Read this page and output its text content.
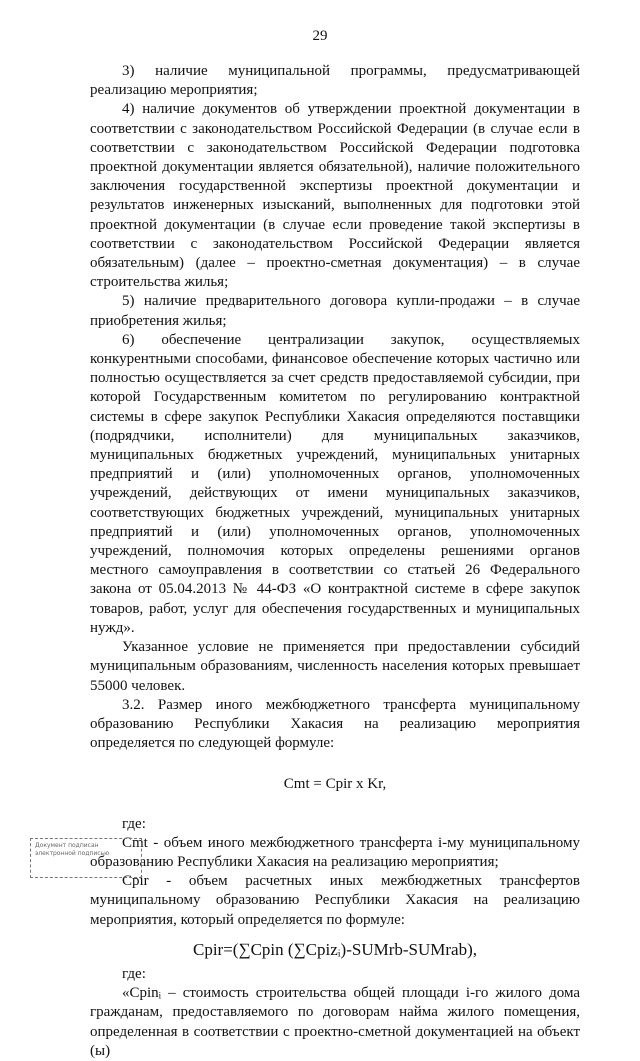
29

3) наличие муниципальной программы, предусматривающей реализацию мероприятия;

4) наличие документов об утверждении проектной документации в соответствии с законодательством Российской Федерации (в случае если в соответствии с законодательством Российской Федерации подготовка проектной документации является обязательной), наличие положительного заключения государственной экспертизы проектной документации и результатов инженерных изысканий, выполненных для подготовки этой проектной документации (в случае если проведение такой экспертизы в соответствии с законодательством Российской Федерации является обязательным) (далее – проектно-сметная документация) – в случае строительства жилья;

5) наличие предварительного договора купли-продажи – в случае приобретения жилья;

6) обеспечение централизации закупок, осуществляемых конкурентными способами, финансовое обеспечение которых частично или полностью осуществляется за счет средств предоставляемой субсидии, при которой Государственным комитетом по регулированию контрактной системы в сфере закупок Республики Хакасия определяются поставщики (подрядчики, исполнители) для муниципальных заказчиков, муниципальных бюджетных учреждений, муниципальных унитарных предприятий и (или) уполномоченных органов, уполномоченных учреждений, действующих от имени муниципальных заказчиков, соответствующих бюджетных учреждений, муниципальных унитарных предприятий и (или) уполномоченных органов, уполномоченных учреждений, полномочия которых определены решениями органов местного самоуправления в соответствии со статьей 26 Федерального закона от 05.04.2013 № 44-ФЗ «О контрактной системе в сфере закупок товаров, работ, услуг для обеспечения государственных и муниципальных нужд».

Указанное условие не применяется при предоставлении субсидий муниципальным образованиям, численность населения которых превышает 55000 человек.

3.2. Размер иного межбюджетного трансферта муниципальному образованию Республики Хакасия на реализацию мероприятия определяется по следующей формуле:

Cmt = Cpir x Kr,

где:

Cmt - объем иного межбюджетного трансферта i-му муниципальному образованию Республики Хакасия на реализацию мероприятия;

Cpir - объем расчетных иных межбюджетных трансфертов муниципальному образованию Республики Хакасия на реализацию мероприятия, который определяется по формуле:

Cpir=(∑Cpin (∑Cpizᵢ)-SUMrb-SUMrab),

где:

«Cpinᵢ – стоимость строительства общей площади i-го жилого дома гражданам, предоставляемого по договорам найма жилого помещения, определенная в соответствии с проектно-сметной документацией на объект (ы)

Документ подписан электронной подписью
